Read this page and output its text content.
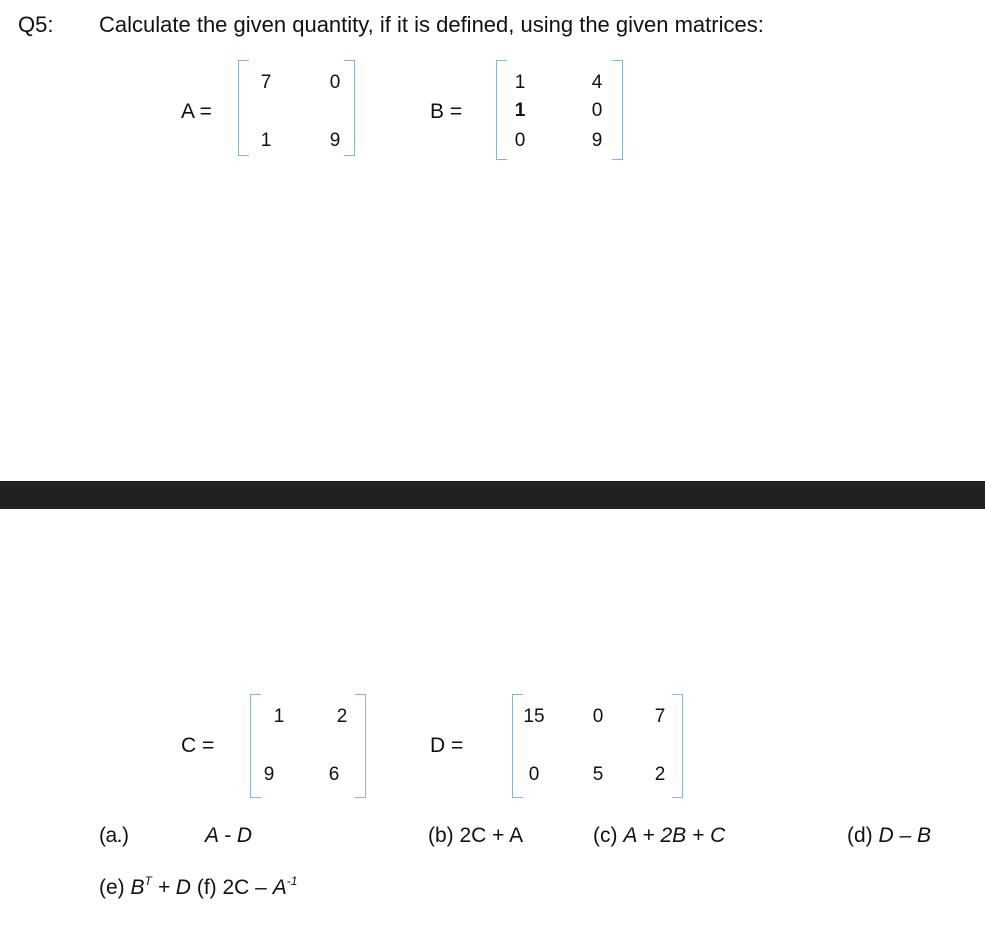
Q5: Calculate the given quantity, if it is defined, using the given matrices:
A =
7	0
1	9
B =
1	4
1	0
0	9
C =
1	2
9	6
D =
15	0	7
0	5	2
(a.)	A - D	(b) 2C + A	(c) A + 2B + C	(d) D – B
(e) $B^T + D$ (f) $2C - A^{-1}$
